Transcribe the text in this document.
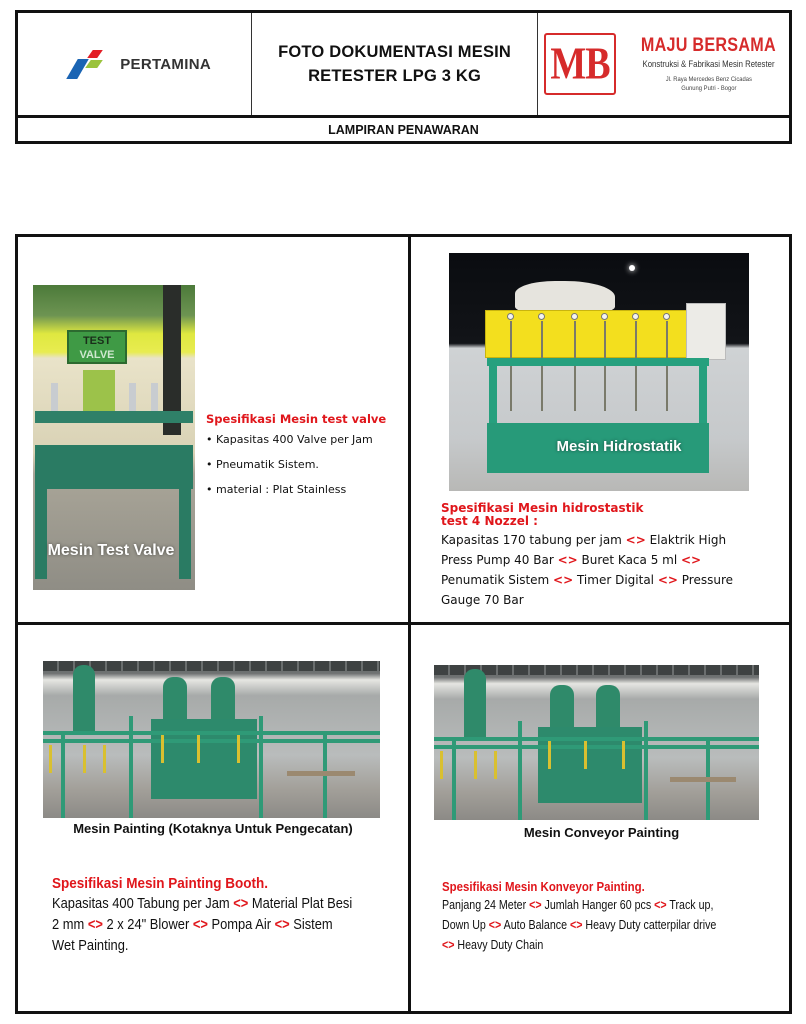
PERTAMINA
FOTO DOKUMENTASI MESIN
RETESTER LPG 3 KG MB MAJU BERSAMA
Konstruksi & Fabrikasi Mesin Retester
Jl. Raya Mercedes Benz Cicadas
Gunung Putri - Bogor
LAMPIRAN PENAWARAN
TEST
VALVE
Mesin Test Valve
Spesifikasi Mesin test valve
• Kapasitas 400 Valve per Jam
• Pneumatik Sistem.
• material : Plat Stainless
Mesin Hidrostatik
Spesifikasi Mesin hidrostastik
test 4 Nozzel :
Kapasitas 170 tabung per jam <> Elaktrik High
Press Pump 40 Bar <> Buret Kaca 5 ml <>
Penumatik Sistem <> Timer Digital <> Pressure
Gauge 70 Bar
Mesin Painting (Kotaknya Untuk Pengecatan)
Spesifikasi Mesin Painting Booth.
Kapasitas 400 Tabung per Jam <> Material Plat Besi
2 mm <> 2 x 24" Blower <> Pompa Air <> Sistem
Wet Painting.
Mesin Conveyor Painting
Spesifikasi Mesin Konveyor Painting.
Panjang 24 Meter <> Jumlah Hanger 60 pcs <> Track up,
Down Up <> Auto Balance <> Heavy Duty catterpilar drive
<> Heavy Duty Chain
